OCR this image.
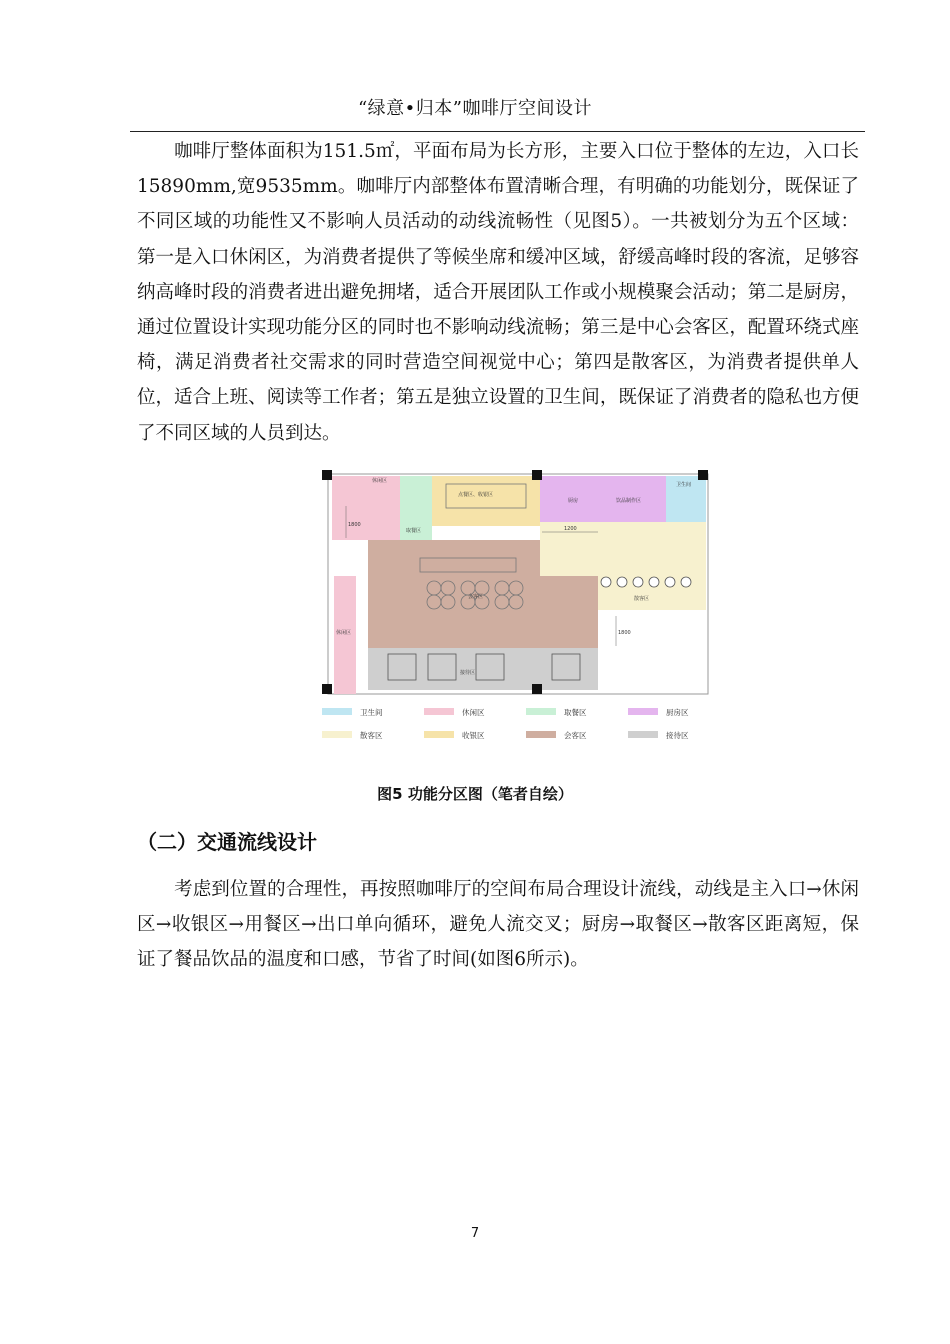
“绿意•归本”咖啡厅空间设计

咖啡厅整体面积为151.5㎡，平面布局为长方形，主要入口位于整体的左边，入口长15890mm,宽9535mm。咖啡厅内部整体布置清晰合理，有明确的功能划分，既保证了不同区域的功能性又不影响人员活动的动线流畅性（见图5）。一共被划分为五个区域：第一是入口休闲区，为消费者提供了等候坐席和缓冲区域，舒缓高峰时段的客流，足够容纳高峰时段的消费者进出避免拥堵，适合开展团队工作或小规模聚会活动；第二是厨房，通过位置设计实现功能分区的同时也不影响动线流畅；第三是中心会客区，配置环绕式座椅，满足消费者社交需求的同时营造空间视觉中心；第四是散客区，为消费者提供单人位，适合上班、阅读等工作者；第五是独立设置的卫生间，既保证了消费者的隐私也方便了不同区域的人员到达。

休闲区
休闲区
取餐区
点餐区、收银区
厨房	饮品制作区
卫生间
会客区	散客区
接待区
1200
1800
1800
卫生间	休闲区	取餐区	厨房区
散客区	收银区	会客区	接待区
图5 功能分区图（笔者自绘）
（二）交通流线设计

考虑到位置的合理性，再按照咖啡厅的空间布局合理设计流线，动线是主入口→休闲区→收银区→用餐区→出口单向循环，避免人流交叉；厨房→取餐区→散客区距离短，保证了餐品饮品的温度和口感，节省了时间(如图6所示)。

7
